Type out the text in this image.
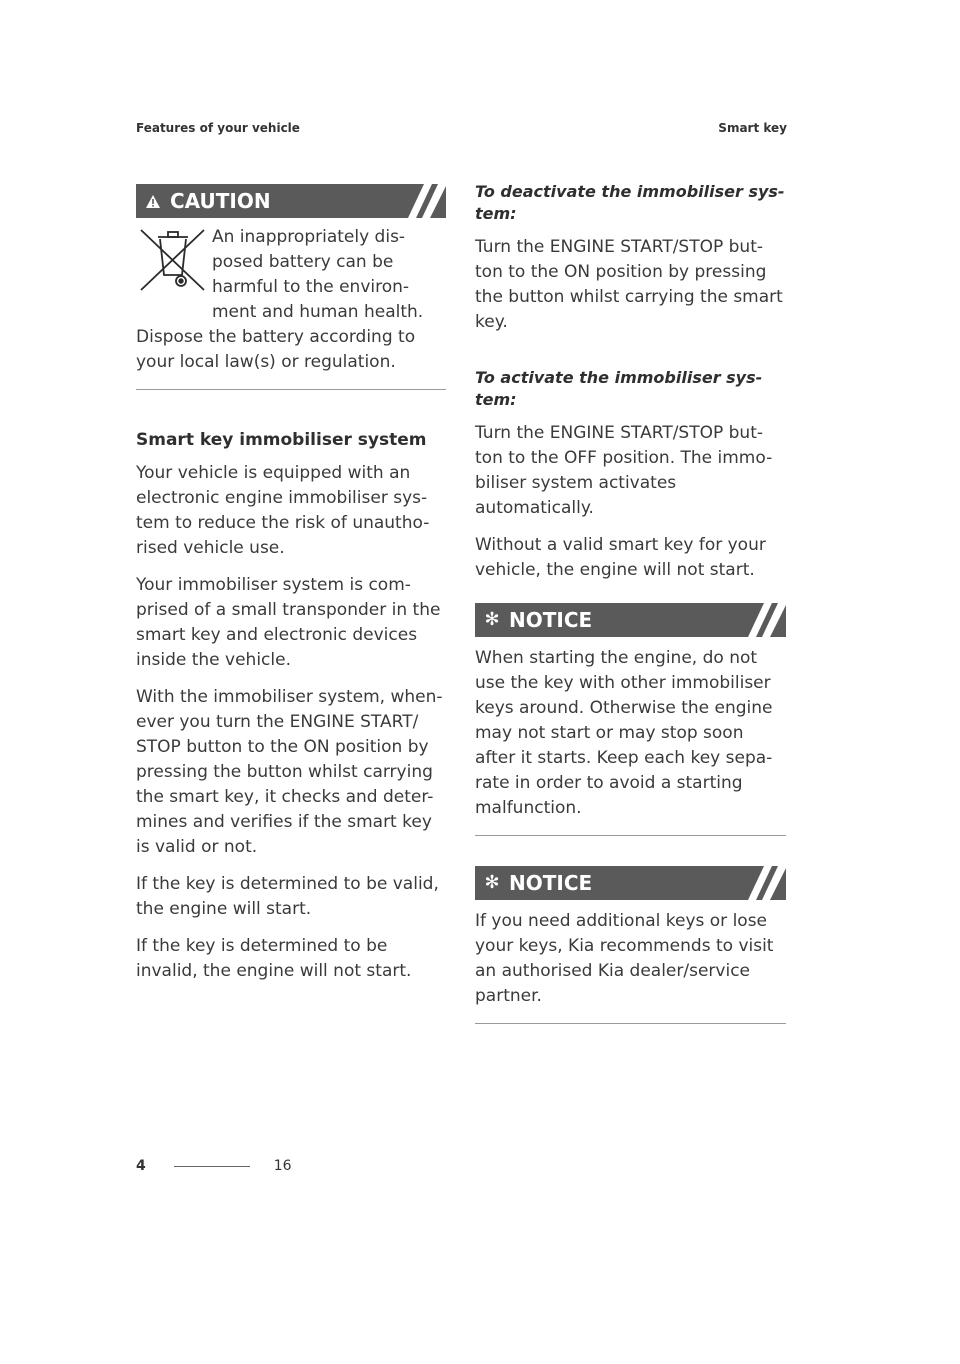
Features of your vehicle	Smart key
CAUTION
An inappropriately dis-
posed battery can be
harmful to the environ-
ment and human health.

Dispose the battery according to your local law(s) or regulation.

Smart key immobiliser system

Your vehicle is equipped with an electronic engine immobiliser sys-tem to reduce the risk of unautho-rised vehicle use.

Your immobiliser system is com-prised of a small transponder in the smart key and electronic devices inside the vehicle.

With the immobiliser system, when-ever you turn the ENGINE START/ STOP button to the ON position by pressing the button whilst carrying the smart key, it checks and deter-mines and verifies if the smart key is valid or not.

If the key is determined to be valid, the engine will start.

If the key is determined to be invalid, the engine will not start.

To deactivate the immobiliser sys-tem:

Turn the ENGINE START/STOP but-ton to the ON position by pressing the button whilst carrying the smart key.

To activate the immobiliser sys-tem:

Turn the ENGINE START/STOP but-ton to the OFF position. The immo-biliser system activates automatically.

Without a valid smart key for your vehicle, the engine will not start.

✻ NOTICE

When starting the engine, do not use the key with other immobiliser keys around. Otherwise the engine may not start or may stop soon after it starts. Keep each key sepa-rate in order to avoid a starting malfunction.

✻ NOTICE

If you need additional keys or lose your keys, Kia recommends to visit an authorised Kia dealer/service partner.

4	16
